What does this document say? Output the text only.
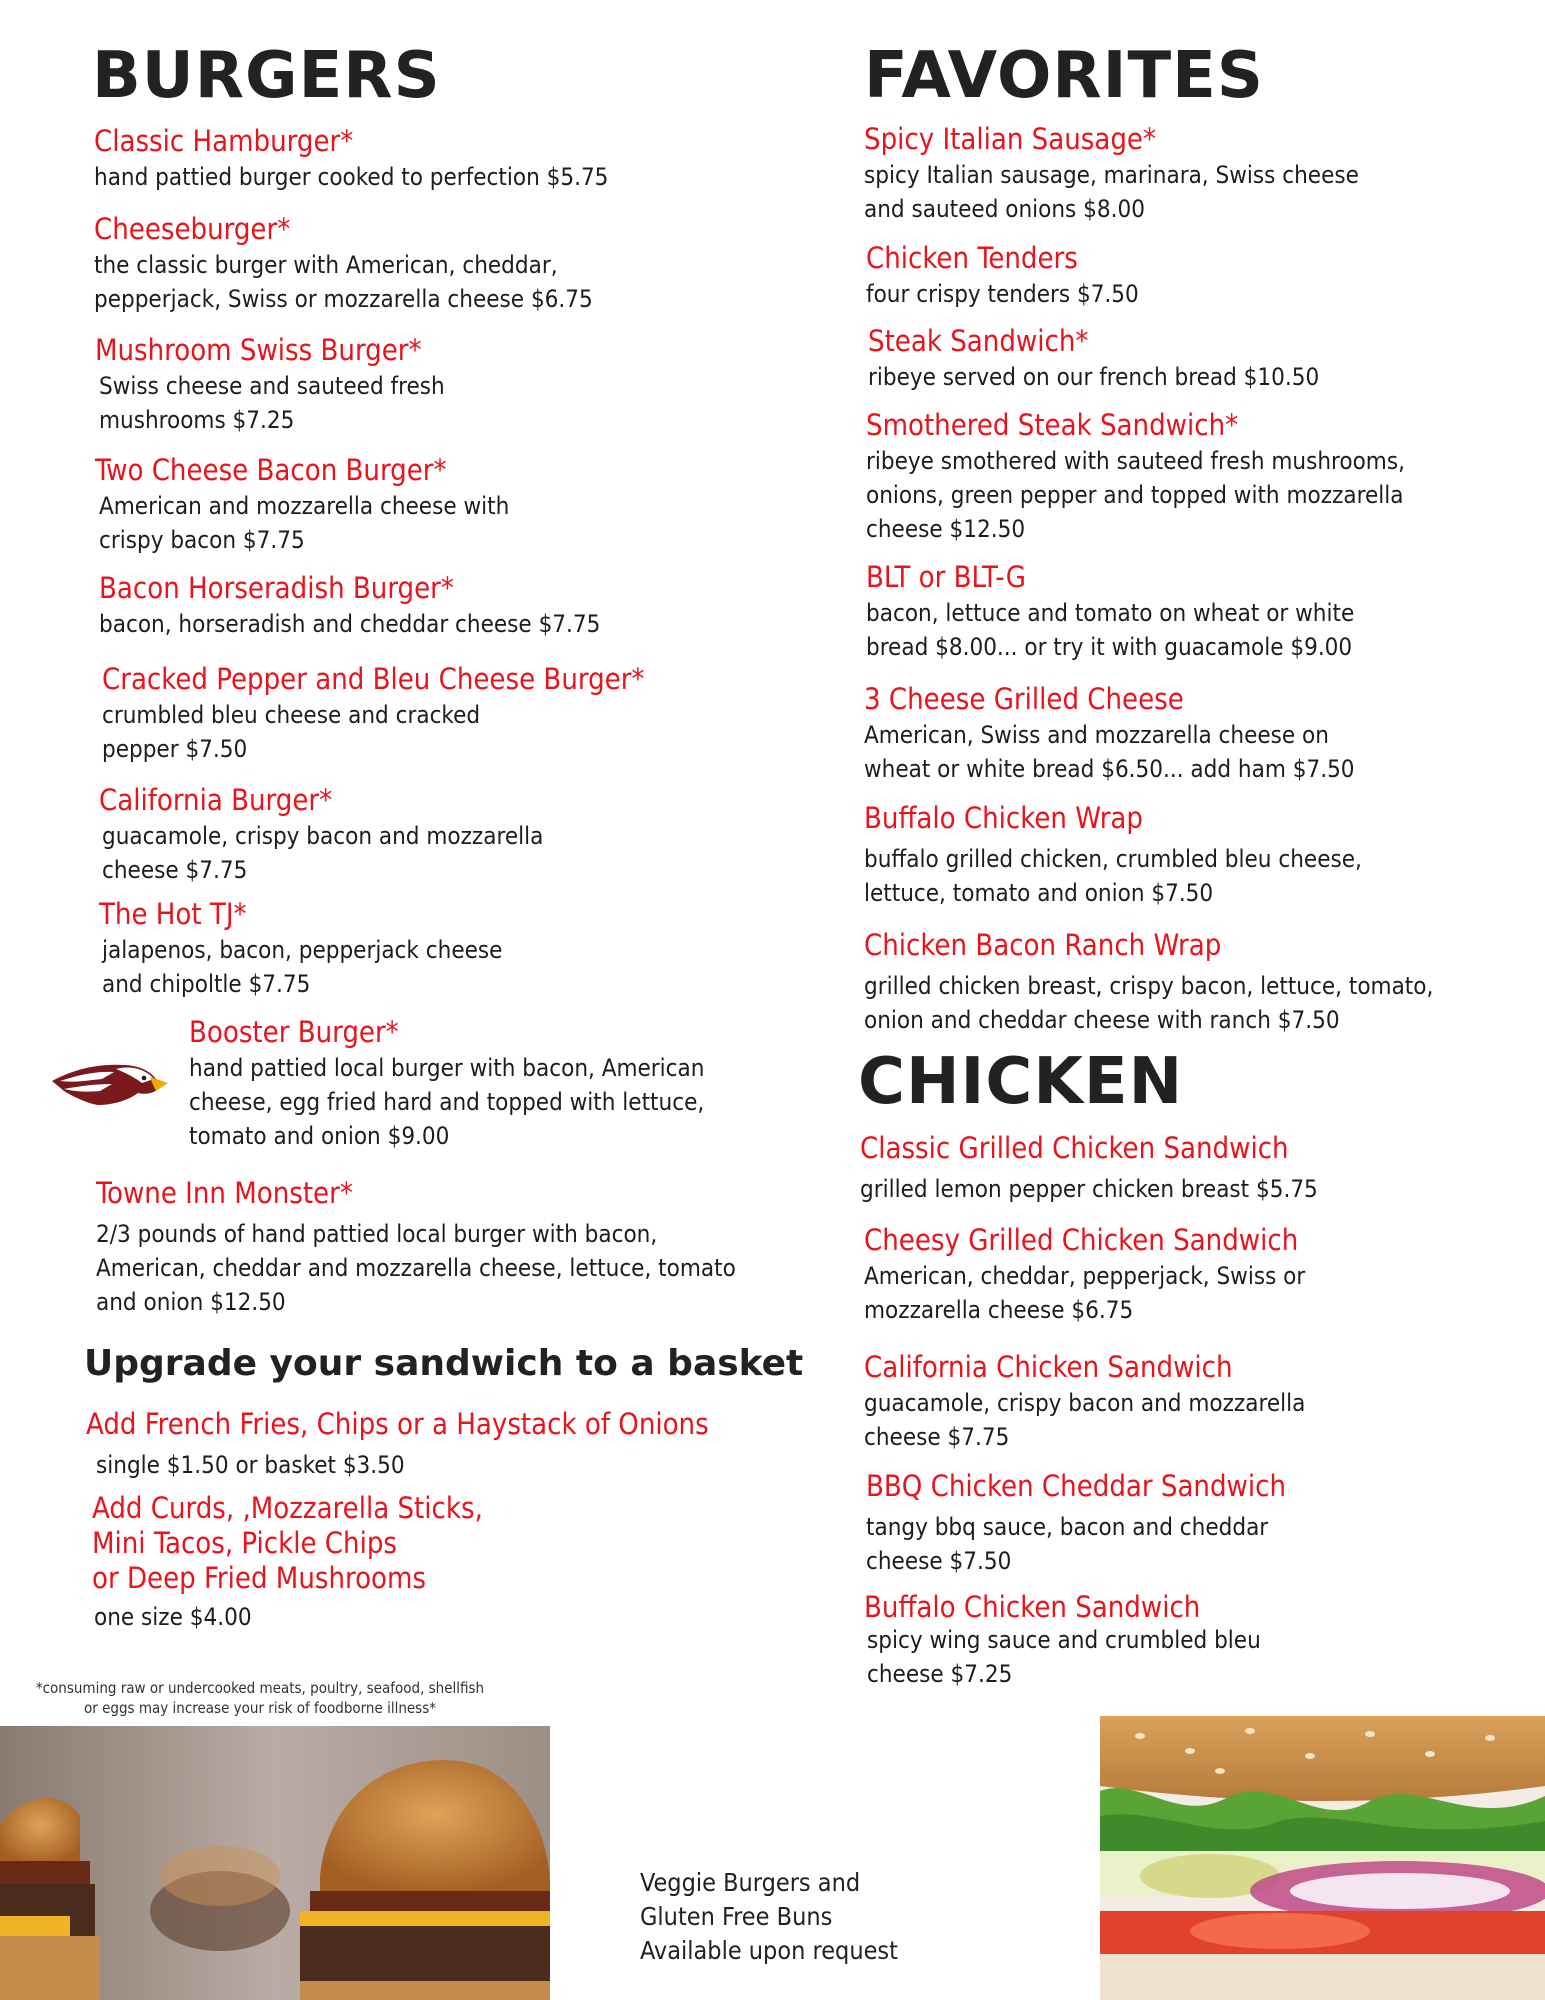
BURGERS

Classic Hamburger*

hand pattied burger cooked to perfection $5.75

Cheeseburger*

the classic burger with American, cheddar,
pepperjack, Swiss or mozzarella cheese $6.75

Mushroom Swiss Burger*

Swiss cheese and sauteed fresh
mushrooms $7.25

Two Cheese Bacon Burger*

American and mozzarella cheese with
crispy bacon $7.75

Bacon Horseradish Burger*

bacon, horseradish and cheddar cheese $7.75

Cracked Pepper and Bleu Cheese Burger*

crumbled bleu cheese and cracked
pepper $7.50

California Burger*

guacamole, crispy bacon and mozzarella
cheese $7.75

The Hot TJ*

jalapenos, bacon, pepperjack cheese
and chipoltle $7.75

Booster Burger*

hand pattied local burger with bacon, American
cheese, egg fried hard and topped with lettuce,
tomato and onion $9.00

Towne Inn Monster*

2/3 pounds of hand pattied local burger with bacon,
American, cheddar and mozzarella cheese, lettuce, tomato
and onion $12.50

Upgrade your sandwich to a basket

Add French Fries, Chips or a Haystack of Onions

single $1.50 or basket $3.50

Add Curds, ,Mozzarella Sticks,
Mini Tacos, Pickle Chips
or Deep Fried Mushrooms

one size $4.00

*consuming raw or undercooked meats, poultry, seafood, shellfish
or eggs may increase your risk of foodborne illness*
FAVORITES

Spicy Italian Sausage*

spicy Italian sausage, marinara, Swiss cheese
and sauteed onions $8.00

Chicken Tenders

four crispy tenders $7.50

Steak Sandwich*

ribeye served on our french bread $10.50

Smothered Steak Sandwich*

ribeye smothered with sauteed fresh mushrooms,
onions, green pepper and topped with mozzarella
cheese $12.50

BLT or BLT-G

bacon, lettuce and tomato on wheat or white
bread $8.00... or try it with guacamole $9.00

3 Cheese Grilled Cheese

American, Swiss and mozzarella cheese on
wheat or white bread $6.50... add ham $7.50

Buffalo Chicken Wrap

buffalo grilled chicken, crumbled bleu cheese,
lettuce, tomato and onion $7.50

Chicken Bacon Ranch Wrap

grilled chicken breast, crispy bacon, lettuce, tomato,
onion and cheddar cheese with ranch $7.50

CHICKEN

Classic Grilled Chicken Sandwich

grilled lemon pepper chicken breast $5.75

Cheesy Grilled Chicken Sandwich

American, cheddar, pepperjack, Swiss or
mozzarella cheese $6.75

California Chicken Sandwich

guacamole, crispy bacon and mozzarella
cheese $7.75

BBQ Chicken Cheddar Sandwich

tangy bbq sauce, bacon and cheddar
cheese $7.50

Buffalo Chicken Sandwich

spicy wing sauce and crumbled bleu
cheese $7.25

Veggie Burgers and
Gluten Free Buns
Available upon request
